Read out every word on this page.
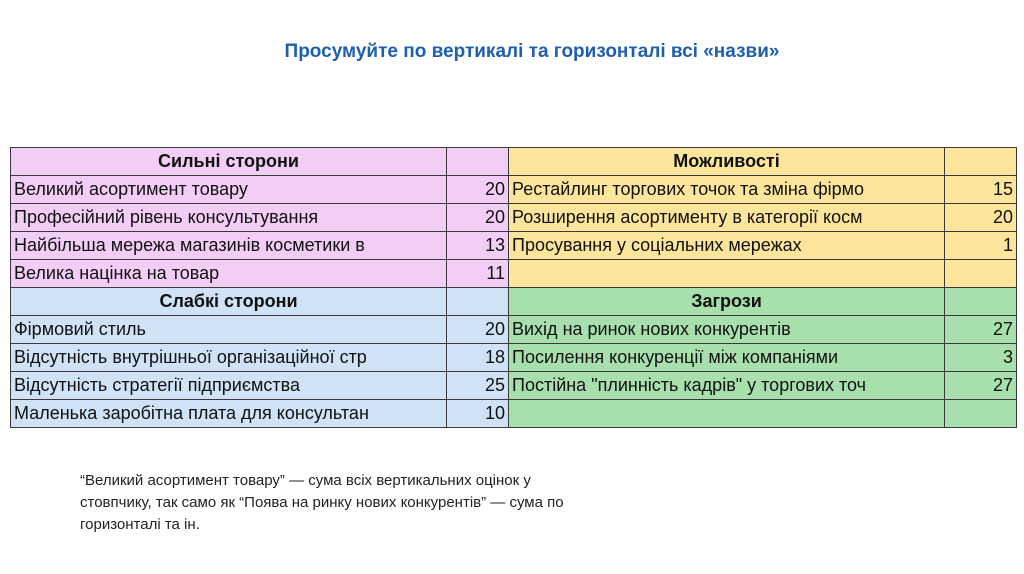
Просумуйте по вертикалі та горизонталі всі «назви»
Сильні сторони		Можливості	
Великий асортимент товару	20	Рестайлинг торгових точок та зміна фірмо	15
Професійний рівень консультування	20	Розширення асортименту в категорії косм	20
Найбільша мережа магазинів косметики в	13	Просування у соціальних мережах	1
Велика націнка на товар	11		
Слабкі сторони		Загрози	
Фірмовий стиль	20	Вихід на ринок нових конкурентів	27
Відсутність внутрішньої організаційної стр	18	Посилення конкуренції між компаніями	3
Відсутність стратегії підприємства	25	Постійна "плинність кадрів" у торгових точ	27
Маленька заробітна плата для консультан	10		
“Великий асортимент товару” — сума всіх вертикальних оцінок у стовпчику, так само як “Поява на ринку нових конкурентів” — сума по горизонталі та ін.
